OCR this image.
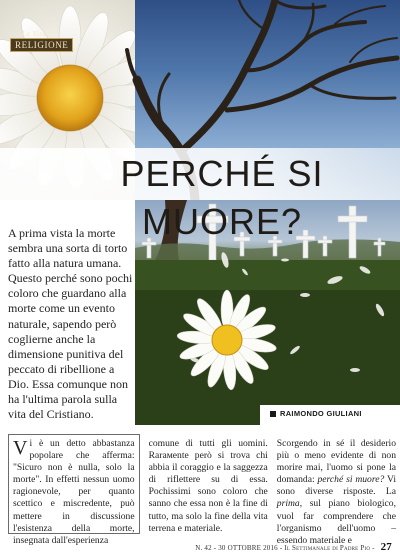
La Vita
RELIGIONE
PERCHÉ SI MUORE?

A prima vista la morte sembra una sorta di torto fatto alla natura umana. Questo perché sono pochi coloro che guardano alla morte come un evento naturale, sapendo però coglierne anche la dimensione punitiva del peccato di ribellione a Dio. Essa comunque non ha l'ultima parola sulla vita del Cristiano.	RAIMONDO GIULIANI
Vi è un detto abbastanza popolare che afferma: "Sicuro non è nulla, solo la morte". In effetti nessun uomo ragionevole, per quanto scettico e miscredente, può mettere in discussione l'esistenza della morte, insegnata dall'esperienza
comune di tutti gli uomini. Rarамente però si trova chi abbia il coraggio e la saggezza di riflettere su di essa. Pochissimi sono coloro che sanno che essa non è la fine di tutto, ma solo la fine della vita terrena e materiale.
Scorgendo in sé il desiderio più o meno evidente di non morire mai, l'uomo si pone la domanda: perché si muore? Vi sono diverse risposte. La prima, sul piano biologico, vuol far comprendere che l'organismo dell'uomo – essendo materiale e
N. 42 - 30 OTTOBRE 2016 - Il Settimanale di Padre Pio - 27
